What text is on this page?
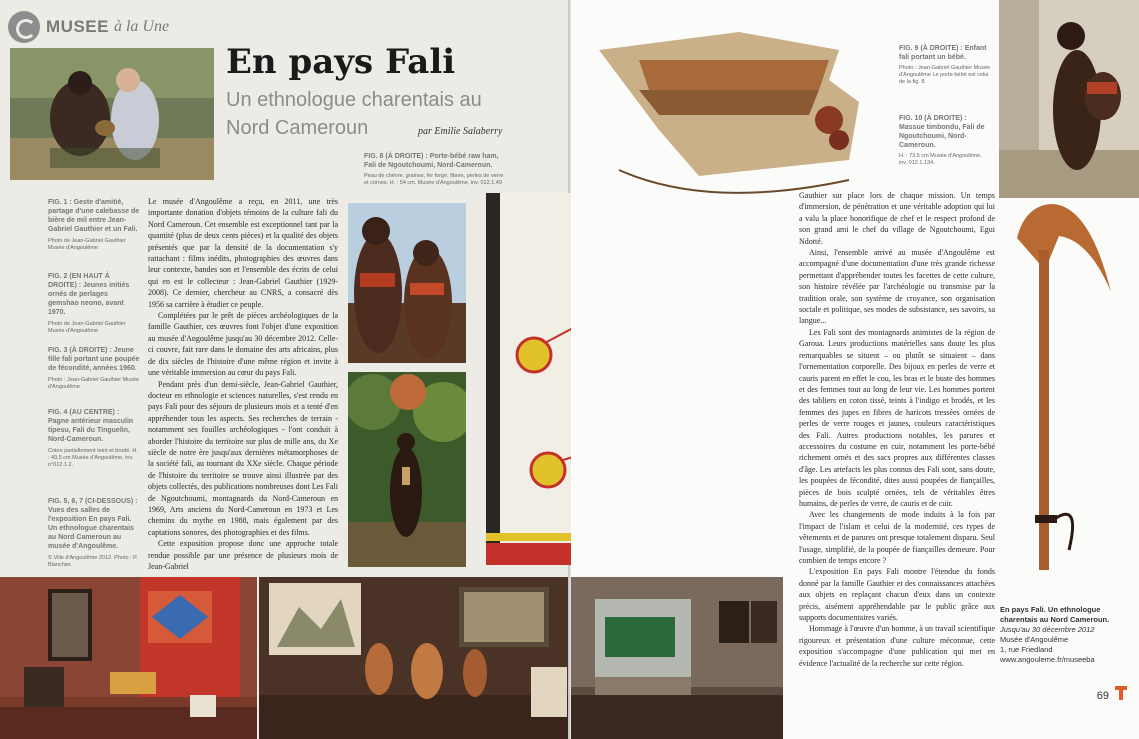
MUSEE à la Une
En pays Fali
Un ethnologue charentais au Nord Cameroun	par Emilie Salaberry
FIG. 1 : Geste d'amitié, partage d'une calebasse de bière de mil entre Jean-Gabriel Gauthier et un Fali.
Photo de Jean-Gabriel Gauthier Musée d'Angoulême
FIG. 2 (EN HAUT À DROITE) : Jeunes initiés ornés de perlages gemshao neono, avant 1970.
Photo de Jean-Gabriel Gauthier Musée d'Angoulême
FIG. 3 (À DROITE) : Jeune fille fali portant une poupée de fécondité, années 1960.
Photo : Jean-Gabriel Gauthier Musée d'Angoulême
FIG. 4 (AU CENTRE) : Pagne antérieur masculin tipesu, Fali du Tinguelin, Nord-Cameroun.
Coton partiellement teint et brodé. H. : 49,5 cm Musée d'Angoulême, inv. n°012.1.2.
FIG. 5, 6, 7 (CI-DESSOUS) : Vues des salles de l'exposition En pays Fali. Un ethnologue charentais au Nord Cameroun au musée d'Angoulême.
© Ville d'Angoulême 2012. Photo : P. Blanchier.

Le musée d'Angoulême a reçu, en 2011, une très importante donation d'objets témoins de la culture fali du Nord Cameroun. Cet ensemble est exceptionnel tant par la quantité (plus de deux cents pièces) et la qualité des objets présentés que par la densité de la documentation s'y rattachant : films inédits, photographies des œuvres dans leur contexte, bandes son et l'ensemble des écrits de celui qui en est le collecteur : Jean-Gabriel Gauthier (1929-2008). Ce dernier, chercheur au CNRS, a consacré dès 1956 sa carrière à étudier ce peuple.

Complétées par le prêt de pièces archéologiques de la famille Gauthier, ces œuvres font l'objet d'une exposition au musée d'Angoulême jusqu'au 30 décembre 2012. Celle-ci couvre, fait rare dans le domaine des arts africains, plus de dix siècles de l'histoire d'une même région et invite à une véritable immersion au cœur du pays Fali.

Pendant près d'un demi-siècle, Jean-Gabriel Gauthier, docteur en ethnologie et sciences naturelles, s'est rendu en pays Fali pour des séjours de plusieurs mois et a tenté d'en appréhender tous les aspects. Ses recherches de terrain - notamment ses fouilles archéologiques - l'ont conduit à aborder l'histoire du territoire sur plus de mille ans, du Xe siècle de notre ère jusqu'aux dernières métamorphoses de la société fali, au tournant du XXe siècle. Chaque période de l'histoire du territoire se trouve ainsi illustrée par des objets collectés, des publications nombreuses dont Les Fali de Ngoutchoumi, montagnards du Nord-Cameroun en 1969, Arts anciens du Nord-Cameroun en 1973 et Les chemins du mythe en 1988, mais également par des captations sonores, des photographies et des films.

Cette exposition propose donc une approche totale rendue possible par une présence de plusieurs mois de Jean-Gabriel

FIG. 8 (À DROITE) : Porte-bébé raw ham, Fali de Ngoutchoumi, Nord-Cameroun.
Peau de chèvre, graines, fer forgé, fibres, perles de verre et cornes. H. : 54 cm. Musée d'Angoulême, inv. 012.1.49
FIG. 9 (À DROITE) : Enfant fali portant un bébé.
Photo : Jean-Gabriel Gauthier Musée d'Angoulême Le porte-bébé est celui de la fig. 8.
FIG. 10 (À DROITE) : Massue timbondu, Fali de Ngoutchoumi, Nord-Cameroun.
H. : 73,5 cm Musée d'Angoulême, inv. 012.1.134.

Gauthier sur place lors de chaque mission. Un temps d'immersion, de pénétration et une véritable adoption qui lui a valu la place honorifique de chef et le respect profond de son grand ami le chef du village de Ngoutchoumi, Egui Ndotté.

Ainsi, l'ensemble arrivé au musée d'Angoulême est accompagné d'une documentation d'une très grande richesse permettant d'appréhender toutes les facettes de cette culture, son histoire révélée par l'archéologie ou transmise par la tradition orale, son système de croyance, son organisation sociale et politique, ses modes de subsistance, ses savoirs, sa langue...

Les Fali sont des montagnards animistes de la région de Garoua. Leurs productions matérielles sans doute les plus remarquables se situent – ou plutôt se situaient – dans l'ornementation corporelle. Des bijoux en perles de verre et cauris parent en effet le cou, les bras et le buste des hommes et des femmes tout au long de leur vie. Les hommes portent des tabliers en coton tissé, teints à l'indigo et brodés, et les femmes des jupes en fibres de haricots tressées ornées de perles de verre rouges et jaunes, couleurs caractéristiques des Fali. Autres productions notables, les parures et accessoires du costume en cuir, notamment les porte-bébé richement ornés et des sacs propres aux différentes classes d'âge. Les artefacts les plus connus des Fali sont, sans doute, les poupées de fécondité, dites aussi poupées de fiançailles, pièces de bois sculpté ornées, tels de véritables êtres humains, de perles de verre, de cauris et de cuir.

Avec les changements de mode induits à la fois par l'impact de l'islam et celui de la modernité, ces types de vêtements et de parures ont presque totalement disparu. Seul l'usage, simplifié, de la poupée de fiançailles demeure. Pour combien de temps encore ?

L'exposition En pays Fali montre l'étendue du fonds donné par la famille Gauthier et des connaissances attachées aux objets en replaçant chacun d'eux dans un contexte précis, aisément appréhendable par le public grâce aux supports documentaires variés.

Hommage à l'œuvre d'un homme, à un travail scientifique rigoureux et présentation d'une culture méconnue, cette exposition s'accompagne d'une publication qui met en évidence l'actualité de la recherche sur cette région.

En pays Fali. Un ethnologue charentais au Nord Cameroun.
Jusqu'au 30 décembre 2012
Musée d'Angoulême
1, rue Friedland
www.angouleme.fr/museeba
69
